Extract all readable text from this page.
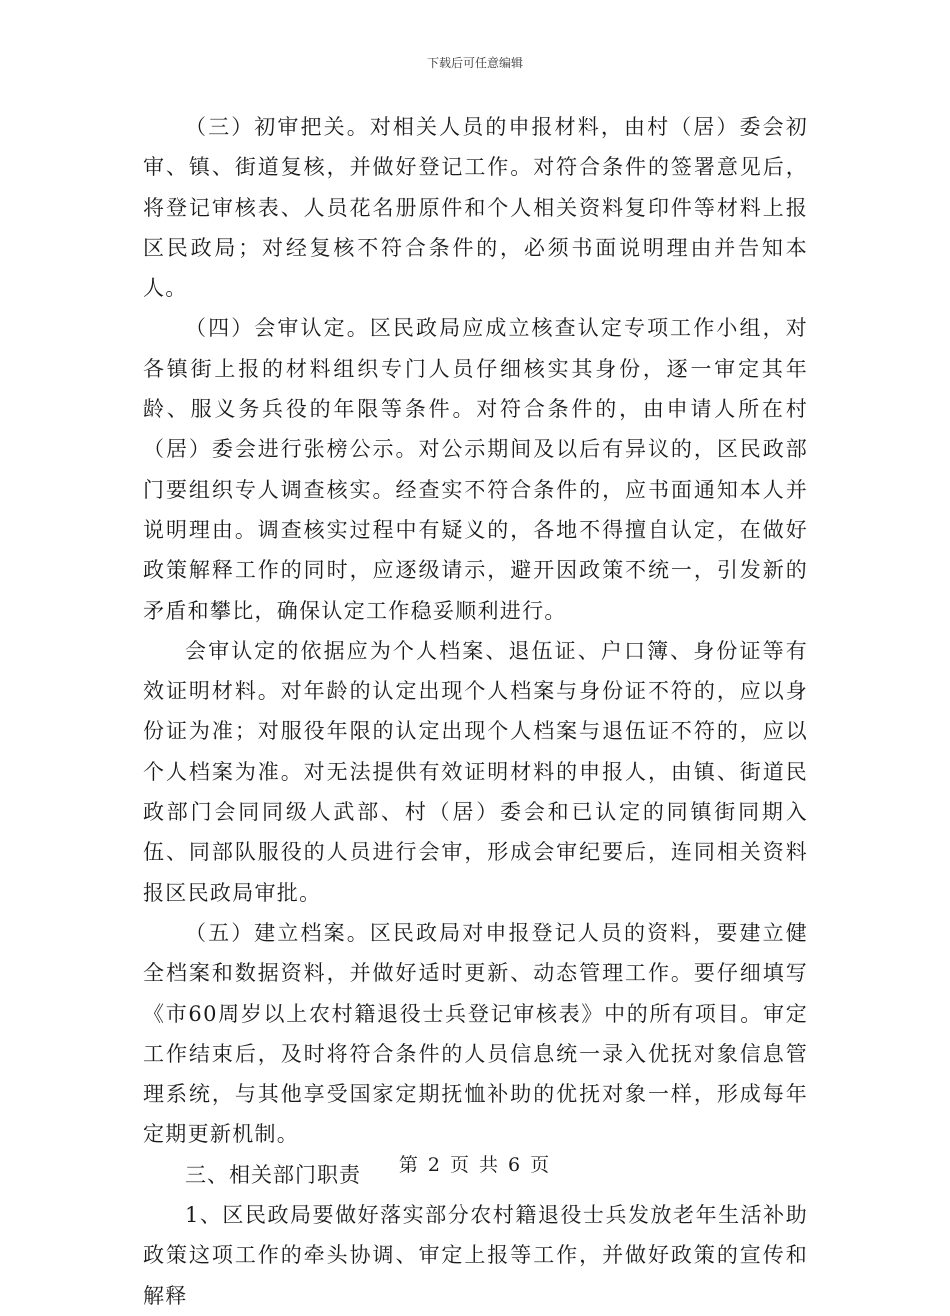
下载后可任意编辑

（三）初审把关。对相关人员的申报材料，由村（居）委会初审、镇、街道复核，并做好登记工作。对符合条件的签署意见后，将登记审核表、人员花名册原件和个人相关资料复印件等材料上报区民政局；对经复核不符合条件的，必须书面说明理由并告知本人。

（四）会审认定。区民政局应成立核查认定专项工作小组，对各镇街上报的材料组织专门人员仔细核实其身份，逐一审定其年龄、服义务兵役的年限等条件。对符合条件的，由申请人所在村（居）委会进行张榜公示。对公示期间及以后有异议的，区民政部门要组织专人调查核实。经查实不符合条件的，应书面通知本人并说明理由。调查核实过程中有疑义的，各地不得擅自认定，在做好政策解释工作的同时，应逐级请示，避开因政策不统一，引发新的矛盾和攀比，确保认定工作稳妥顺利进行。

会审认定的依据应为个人档案、退伍证、户口簿、身份证等有效证明材料。对年龄的认定出现个人档案与身份证不符的，应以身份证为准；对服役年限的认定出现个人档案与退伍证不符的，应以个人档案为准。对无法提供有效证明材料的申报人，由镇、街道民政部门会同同级人武部、村（居）委会和已认定的同镇街同期入伍、同部队服役的人员进行会审，形成会审纪要后，连同相关资料报区民政局审批。

（五）建立档案。区民政局对申报登记人员的资料，要建立健全档案和数据资料，并做好适时更新、动态管理工作。要仔细填写《市60周岁以上农村籍退役士兵登记审核表》中的所有项目。审定工作结束后，及时将符合条件的人员信息统一录入优抚对象信息管理系统，与其他享受国家定期抚恤补助的优抚对象一样，形成每年定期更新机制。

三、相关部门职责

1、区民政局要做好落实部分农村籍退役士兵发放老年生活补助政策这项工作的牵头协调、审定上报等工作，并做好政策的宣传和解释

第 2 页 共 6 页
